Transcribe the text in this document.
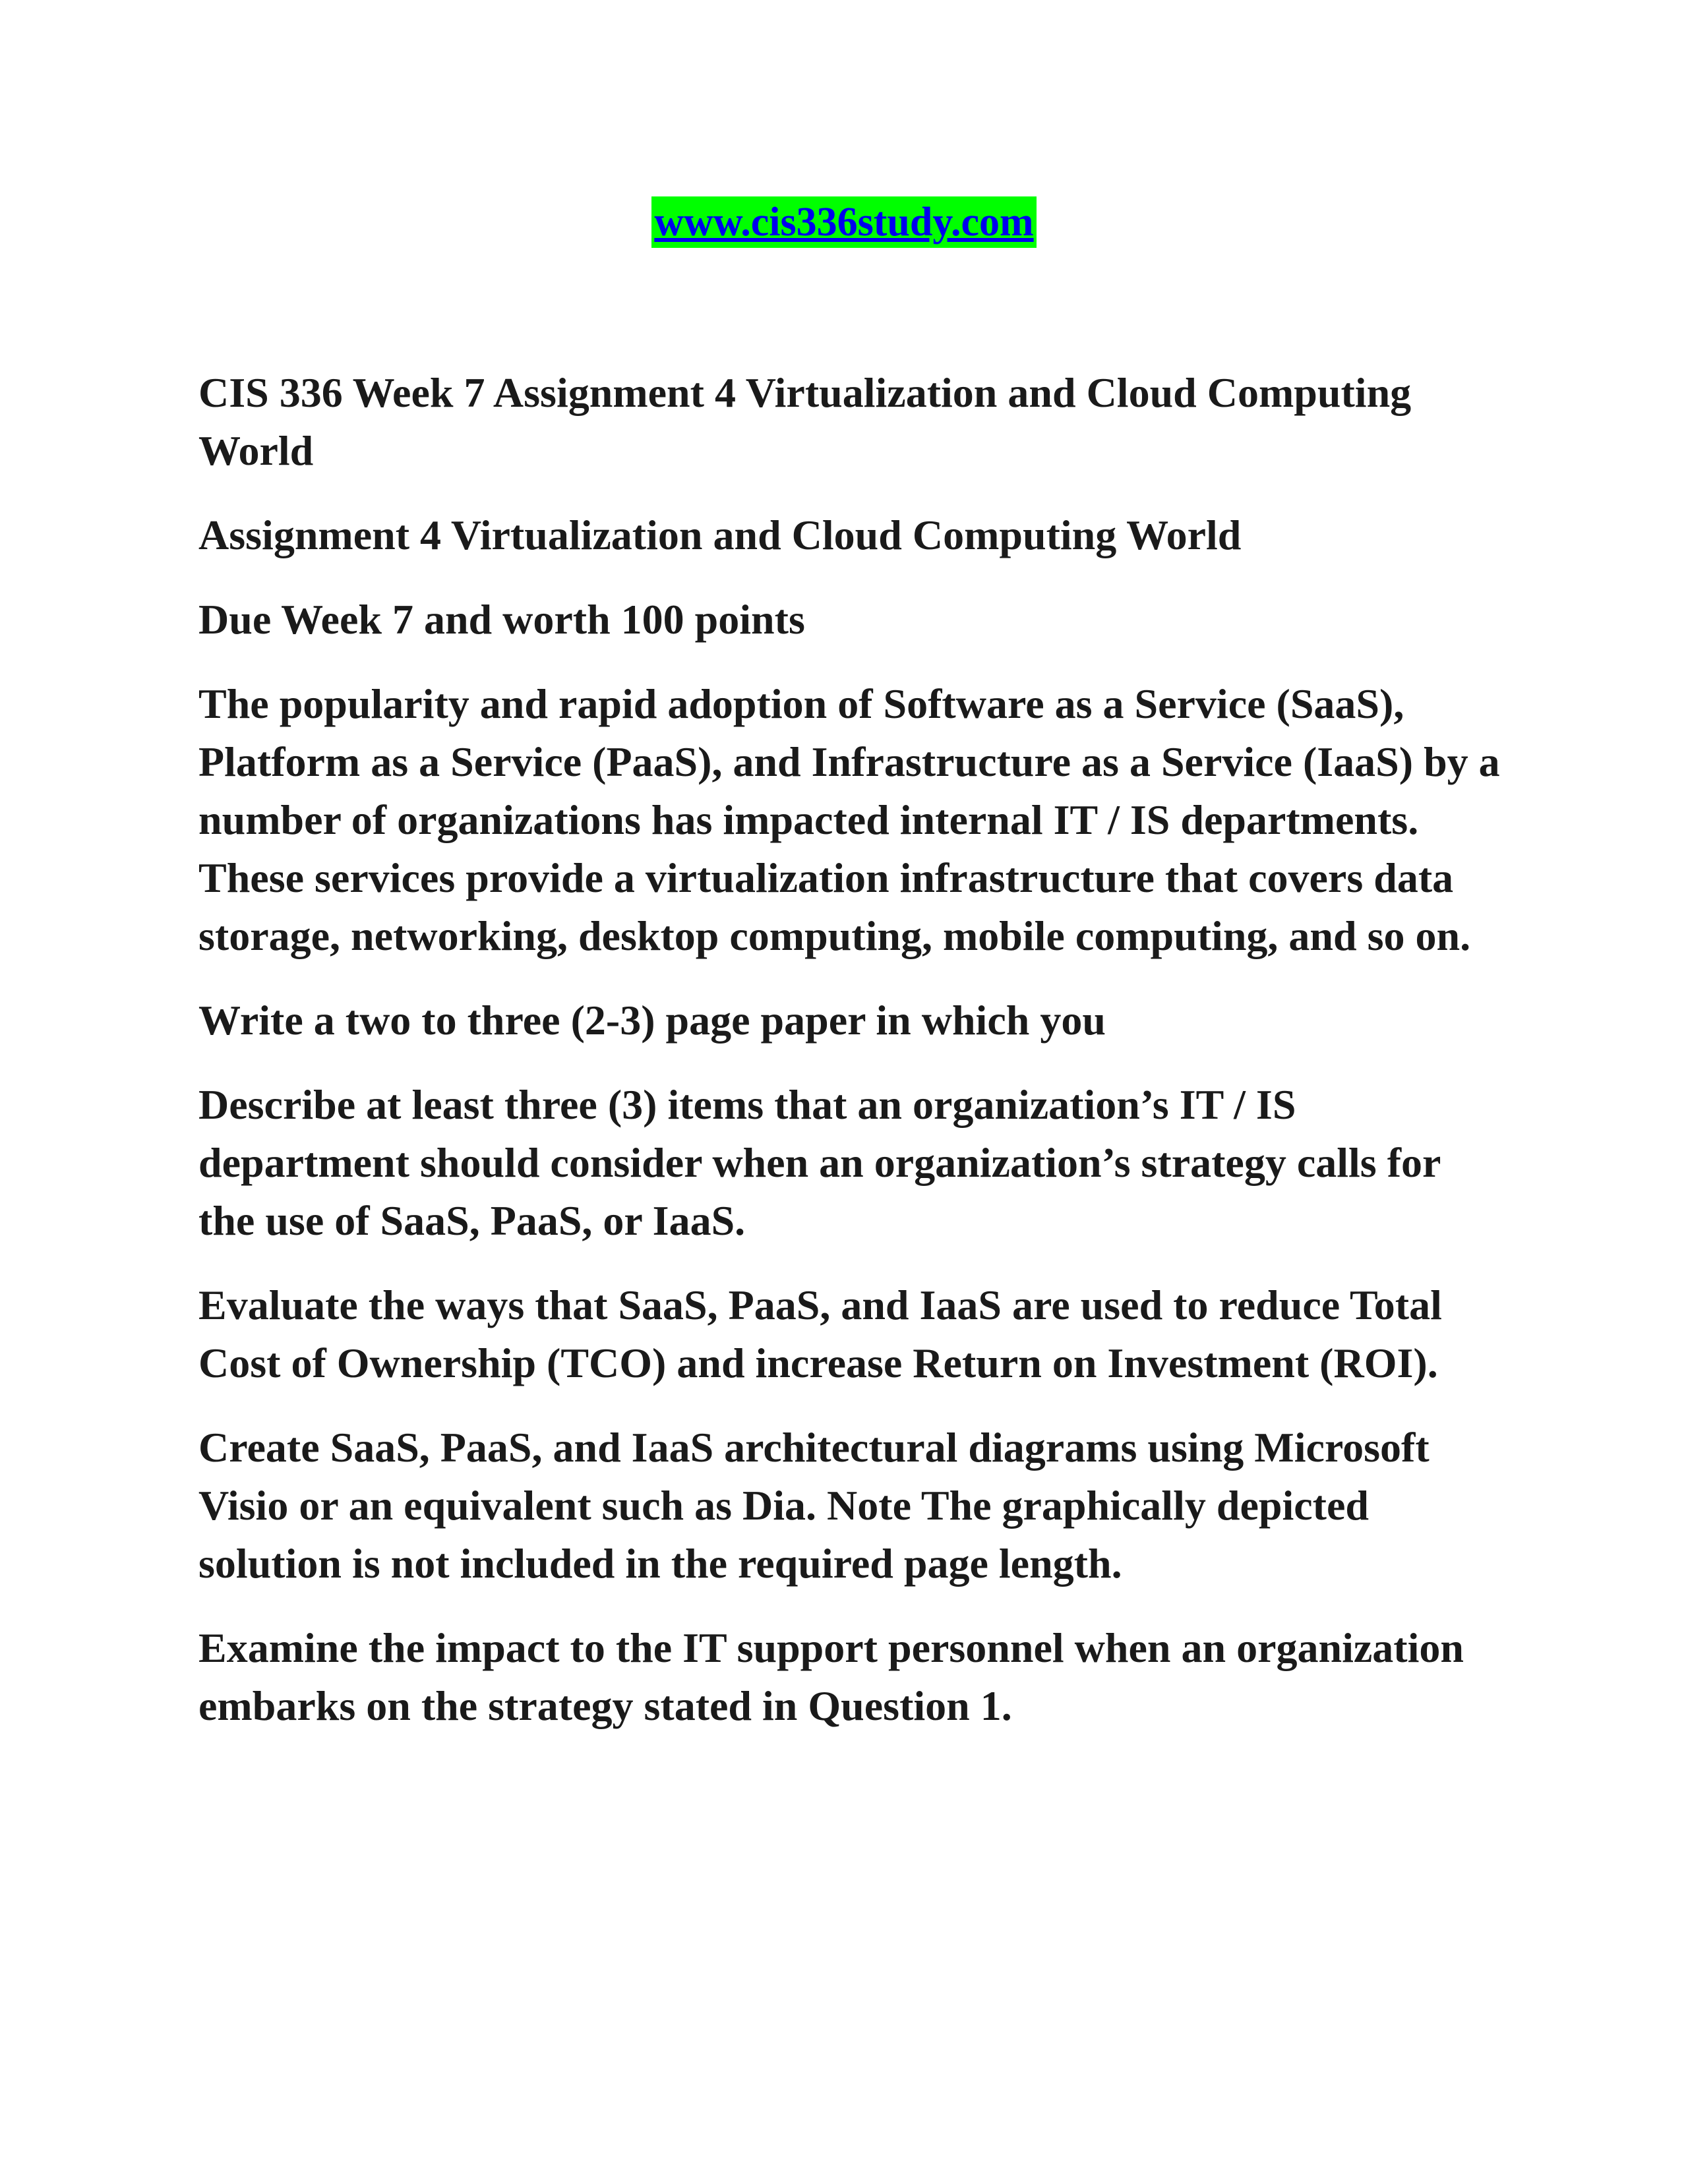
www.cis336study.com

CIS 336 Week 7 Assignment 4 Virtualization and Cloud Computing World

Assignment 4 Virtualization and Cloud Computing World

Due Week 7 and worth 100 points

The popularity and rapid adoption of Software as a Service (SaaS), Platform as a Service (PaaS), and Infrastructure as a Service (IaaS) by a number of organizations has impacted internal IT / IS departments. These services provide a virtualization infrastructure that covers data storage, networking, desktop computing, mobile computing, and so on.

Write a two to three (2-3) page paper in which you

Describe at least three (3) items that an organization’s IT / IS department should consider when an organization’s strategy calls for the use of SaaS, PaaS, or IaaS.

Evaluate the ways that SaaS, PaaS, and IaaS are used to reduce Total Cost of Ownership (TCO) and increase Return on Investment (ROI).

Create SaaS, PaaS, and IaaS architectural diagrams using Microsoft Visio or an equivalent such as Dia. Note The graphically depicted solution is not included in the required page length.

Examine the impact to the IT support personnel when an organization embarks on the strategy stated in Question 1.
